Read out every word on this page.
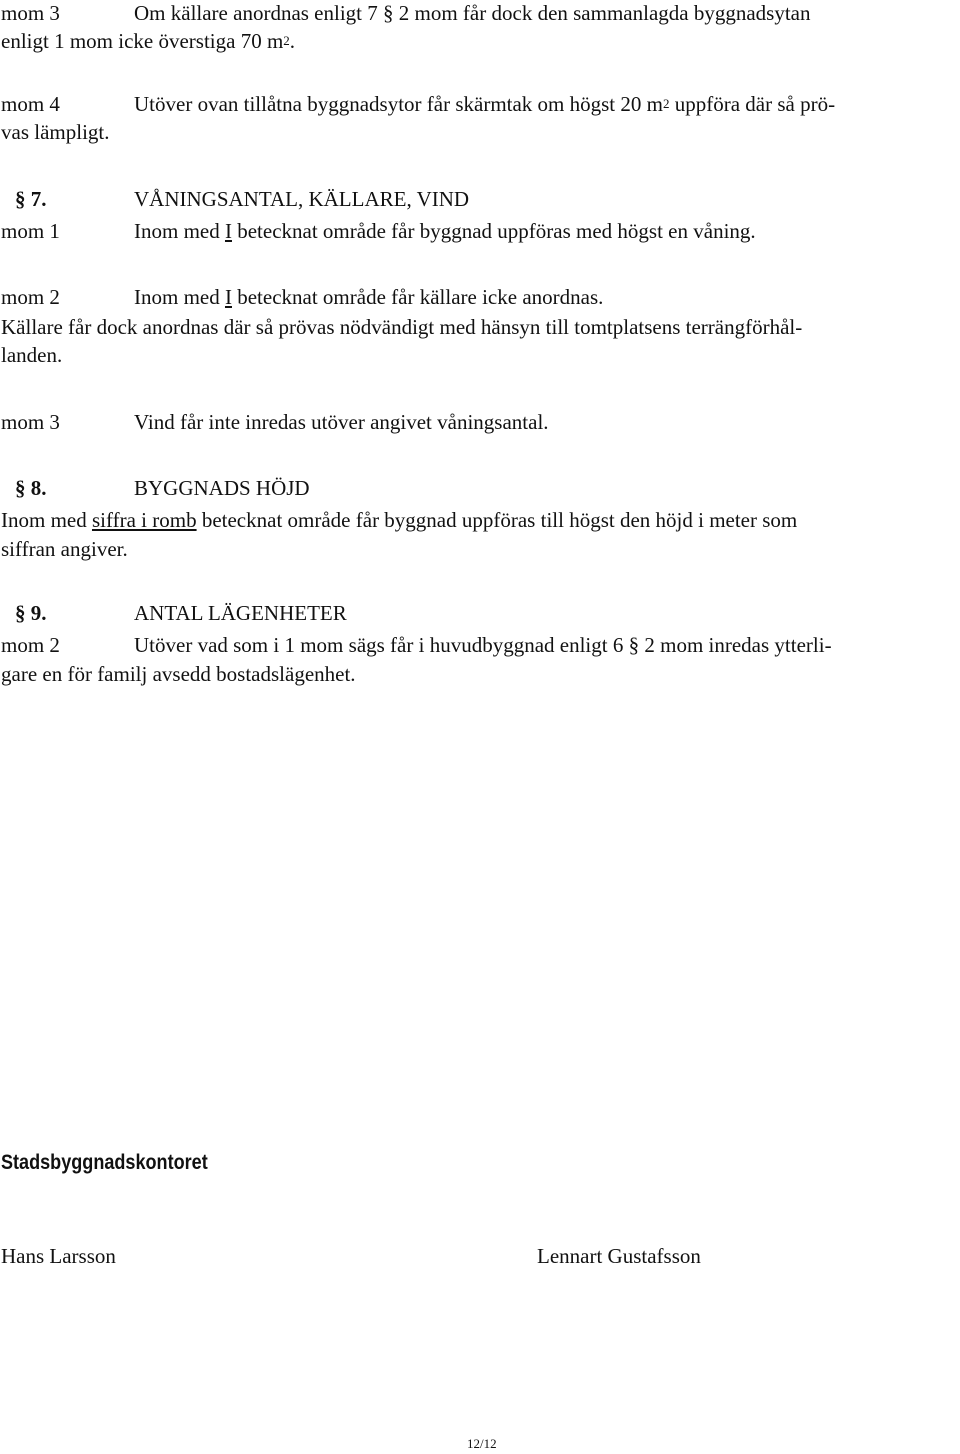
mom 3	Om källare anordnas enligt 7 § 2 mom får dock den sammanlagda byggnadsytan
enligt 1 mom icke överstiga 70 $m^2$.
mom 4	Utöver ovan tillåtna byggnadsytor får skärmtak om högst 20 $m^2$ uppföra där så prö-
vas lämpligt.
§ 7.	VÅNINGSANTAL, KÄLLARE, VIND
mom 1	Inom med I betecknat område får byggnad uppföras med högst en våning.
mom 2	Inom med I betecknat område får källare icke anordnas.
Källare får dock anordnas där så prövas nödvändigt med hänsyn till tomtplatsens terrängförhål-
landen.
mom 3	Vind får inte inredas utöver angivet våningsantal.
§ 8.	BYGGNADS HÖJD
Inom med siffra i romb betecknat område får byggnad uppföras till högst den höjd i meter som
siffran angiver.
§ 9.	ANTAL LÄGENHETER
mom 2	Utöver vad som i 1 mom sägs får i huvudbyggnad enligt 6 § 2 mom inredas ytterli-
gare en för familj avsedd bostadslägenhet.
Stadsbyggnadskontoret
Hans Larsson	Lennart Gustafsson
12/12
